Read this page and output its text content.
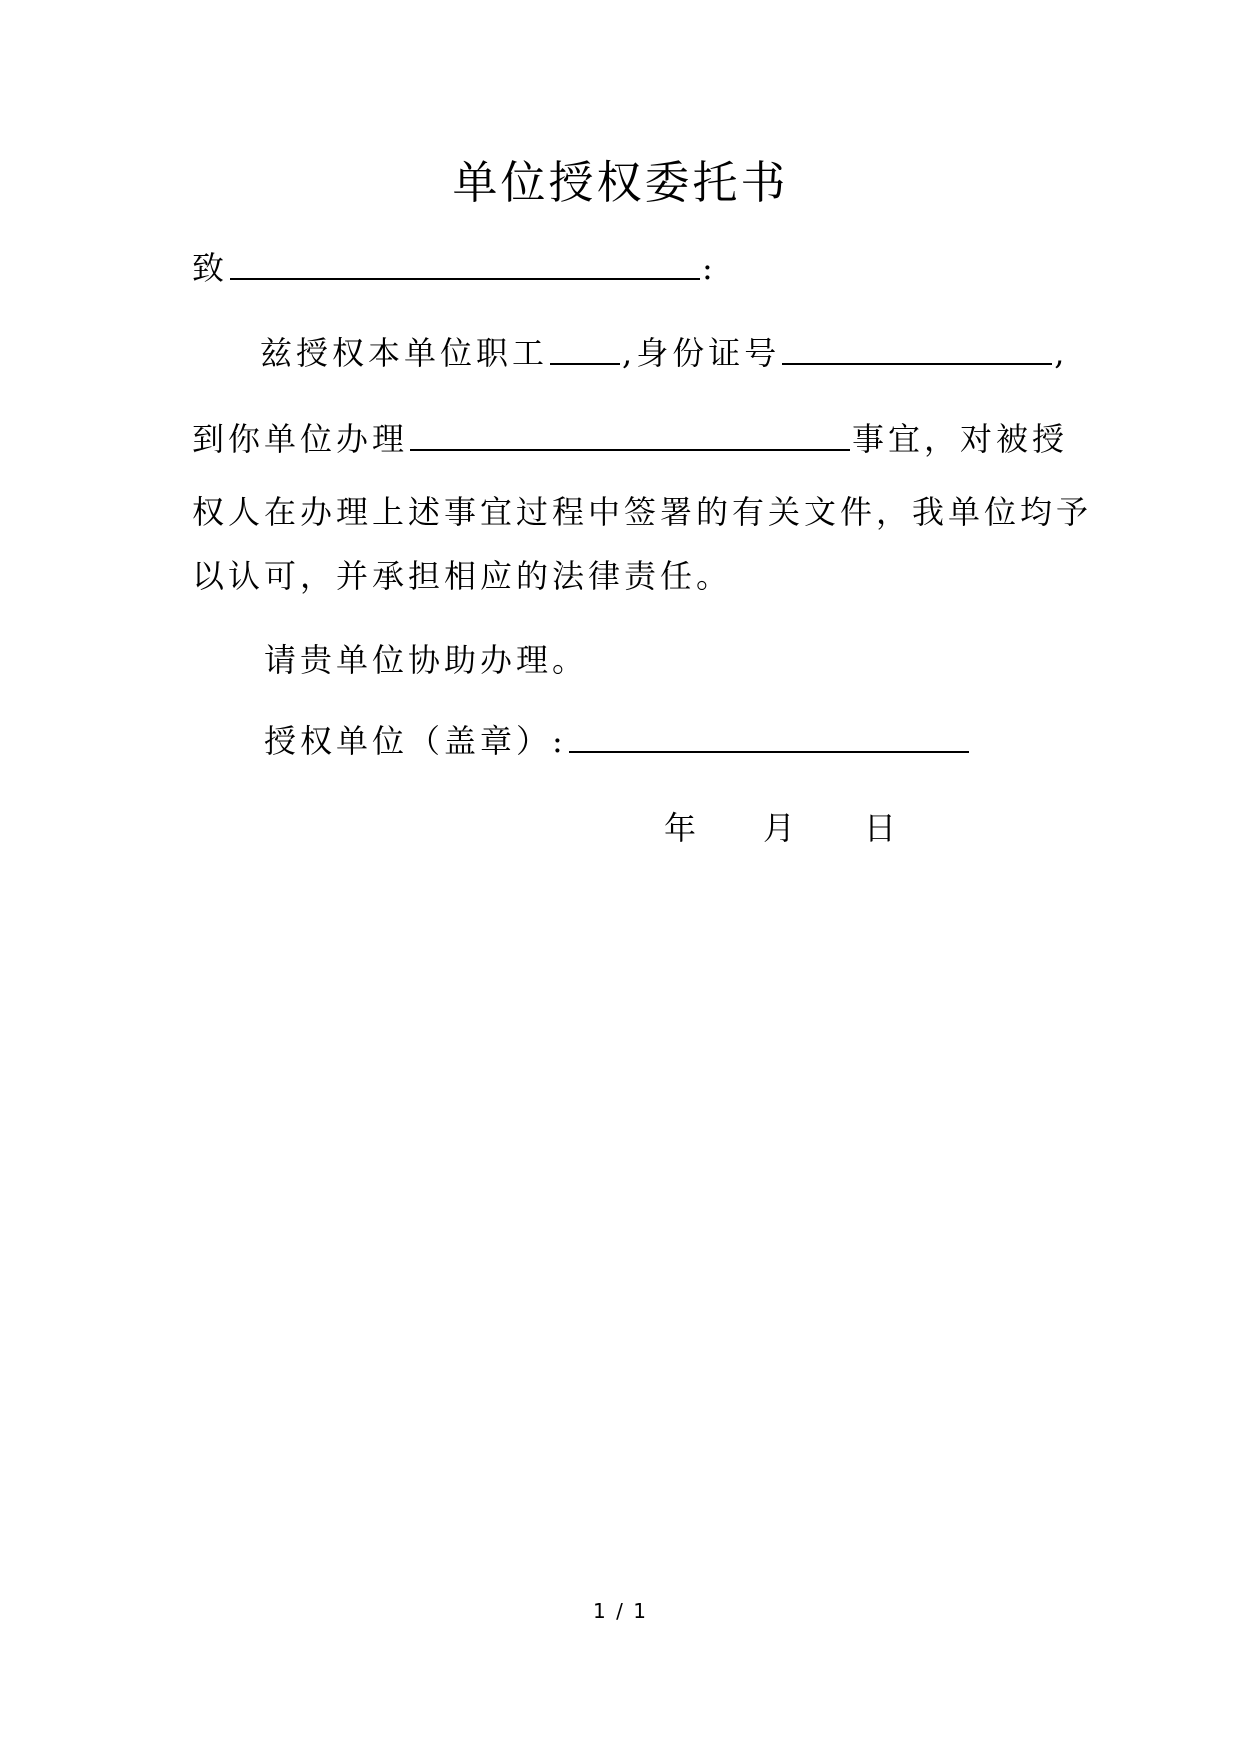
单位授权委托书
致	:
兹授权本单位职工 ,身份证号	,
到你单位办理	事宜，对被授
权人在办理上述事宜过程中签署的有关文件，我单位均予
以认可，并承担相应的法律责任。
请贵单位协助办理。
授权单位（盖章）:
年 月 日
1 / 1
